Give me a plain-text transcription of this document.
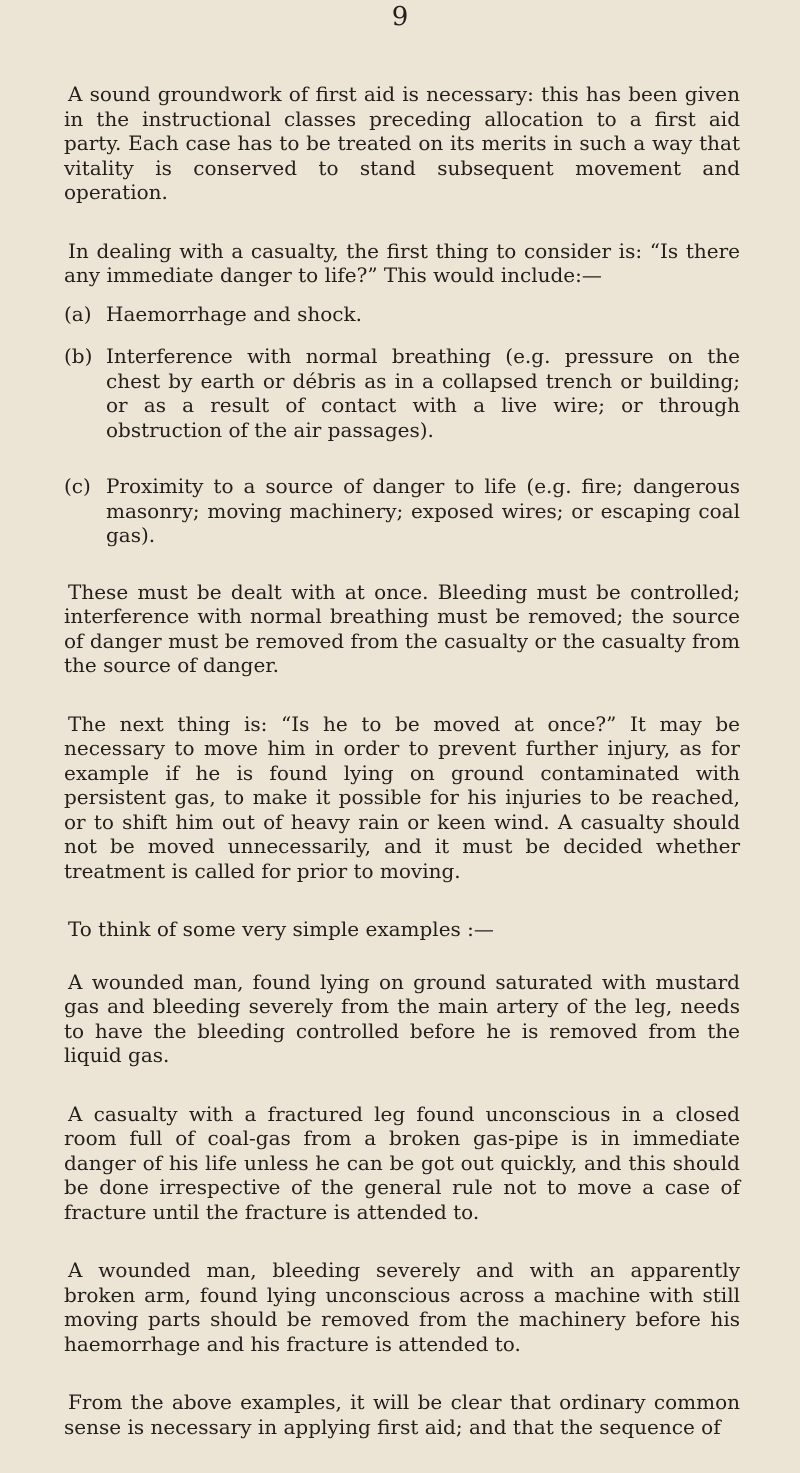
9

A sound groundwork of first aid is necessary: this has been given in the instructional classes preceding allocation to a first aid party. Each case has to be treated on its merits in such a way that vitality is conserved to stand subsequent movement and operation.

In dealing with a casualty, the first thing to consider is: “Is there any immediate danger to life?” This would include:—

(a) Haemorrhage and shock.
(b) Interference with normal breathing (e.g. pressure on the chest by earth or débris as in a collapsed trench or building; or as a result of contact with a live wire; or through obstruction of the air passages).
(c) Proximity to a source of danger to life (e.g. fire; dangerous masonry; moving machinery; exposed wires; or escaping coal gas).

These must be dealt with at once. Bleeding must be controlled; interference with normal breathing must be removed; the source of danger must be removed from the casualty or the casualty from the source of danger.

The next thing is: “Is he to be moved at once?” It may be necessary to move him in order to prevent further injury, as for example if he is found lying on ground contaminated with persistent gas, to make it possible for his injuries to be reached, or to shift him out of heavy rain or keen wind. A casualty should not be moved unnecessarily, and it must be decided whether treatment is called for prior to moving.

To think of some very simple examples :—

A wounded man, found lying on ground saturated with mustard gas and bleeding severely from the main artery of the leg, needs to have the bleeding controlled before he is removed from the liquid gas.

A casualty with a fractured leg found unconscious in a closed room full of coal-gas from a broken gas-pipe is in immediate danger of his life unless he can be got out quickly, and this should be done irrespective of the general rule not to move a case of fracture until the fracture is attended to.

A wounded man, bleeding severely and with an apparently broken arm, found lying unconscious across a machine with still moving parts should be removed from the machinery before his haemorrhage and his fracture is attended to.

From the above examples, it will be clear that ordinary common sense is necessary in applying first aid; and that the sequence of
